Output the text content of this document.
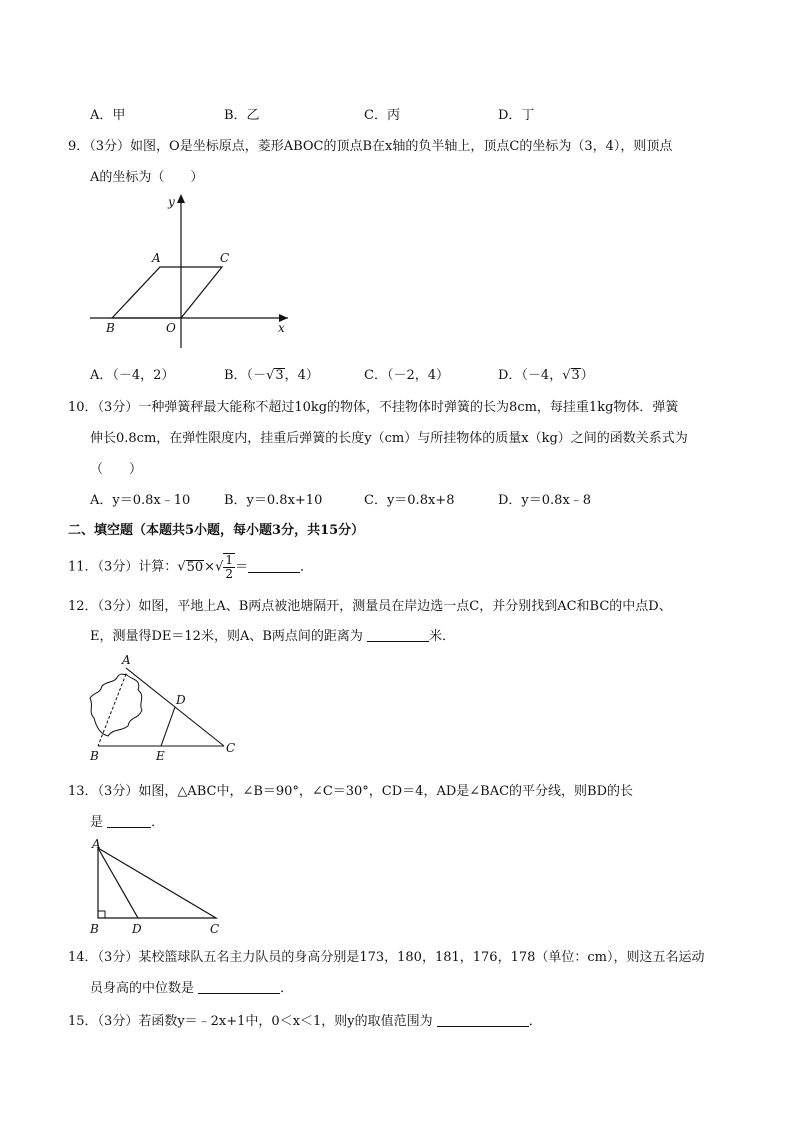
A．甲	B．乙	C．丙	D．丁
9．（3分）如图，O是坐标原点，菱形ABOC的顶点B在x轴的负半轴上，顶点C的坐标为（3，4），则顶点
A的坐标为（　　）
y
x
A	C
B	O
A．（－4，2）	B．（－√3，4）	C．（－2，4）	D．（－4，√3）
10．（3分）一种弹簧秤最大能称不超过10kg的物体，不挂物体时弹簧的长为8cm，每挂重1kg物体．弹簧
伸长0.8cm，在弹性限度内，挂重后弹簧的长度y（cm）与所挂物体的质量x（kg）之间的函数关系式为
（　　）
A．y＝0.8x﹣10	B．y＝0.8x+10	C．y＝0.8x+8	D．y＝0.8x﹣8
二、填空题（本题共5小题，每小题3分，共15分）
11．（3分）计算：$√50\times√ \frac{1}{2}$ ＝	．
12．（3分）如图，平地上A、B两点被池塘隔开，测量员在岸边选一点C，并分别找到AC和BC的中点D、
E，测量得DE＝12米，则A、B两点间的距离为	米．
A
D
B	E
C
13．（3分）如图，△ABC中，∠B＝90°，∠C＝30°，CD＝4，AD是∠BAC的平分线，则BD的长
是	．
A
B	D	C
14．（3分）某校篮球队五名主力队员的身高分别是173，180，181，176，178（单位：cm），则这五名运动
员身高的中位数是	．
15．（3分）若函数y＝﹣2x+1中，0＜x＜1，则y的取值范围为	．
